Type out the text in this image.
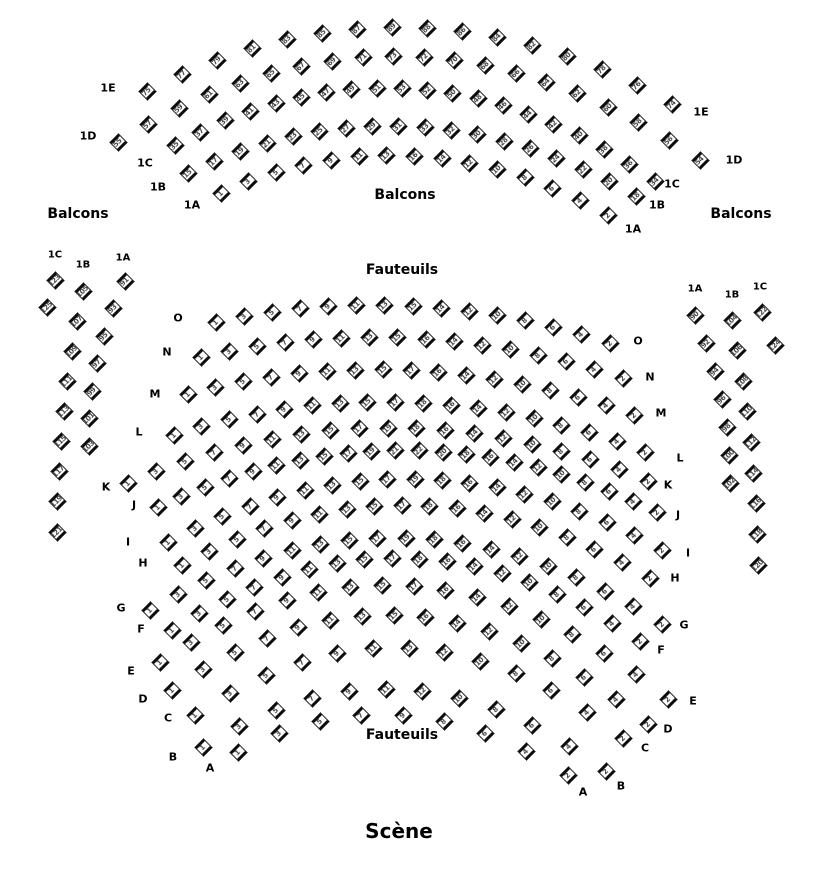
Balcons
Balcons
Balcons
Fauteuils
Fauteuils
Scène
75
77
79
81
83
85	87	89	88	86	84
82
80
78
76
74
1E
1E
55
57
59
61
63
65
67	69	71	73	72	70	68
66
64
62
60
58
56
54
1D
1D
35
37
39
41
43
45	47	49	51	53	52	50	48
46
44
42
40
38
36
34
1C
1C
15
17
19
21
23	25	27	29	31	33	32	30
28
26
24
22
20
18
1B
1B
1
3
5
7
9	11	13	16	14	12
10
8
6
4
2
1A
1A
1
3	5	7	9	11	13	15	14	12	10	8
6
4
2
O
O
1
3
5	7	9	11	13	15	16	14	12	10	8
6
4
2
N
N
1
3
5
7	9	11	13	15	17	16	14	12	10
8
6
4
2
M
M
1
3
5
7
9	11	13	15	17	18	16	14	12	10
8
6
4
2
L
L
1
3
5
7
9
11	13	15	17	19	18	16	14	12	10
8
6
4
2
K	K
1
3
5
7
9
11	13	15	17	19	21	22	20	18	16	14	12
10
8
6
4
2
J
J
1
3
5
7
9
11	13	15	17	19	18	16	14
12
10
8
6
4
2
I
I
1
3
5
7
9
11	13	15	17	18	16	14
12
10
8
6
4
2
H
H
1
3
5
7
9
11
13	15	17	19	18	16	14
12
10
8
6
4
2
G
G
1
3
5
7
9
11	13	15	17	18	16	14
12
10
8
6
4
2
F
F
1
3
5
7
9
11	13	15	17	16
14
12
10
8
6
4
2
E
E
1
3
5
7
9
11	13	15	16	14
12
10
8
6
4
2
D
D
1
3
5
7
9	11	13	12
10
8
6
4
2
C
C
1
3
5
7
9	11	12
10
8
6
4
2
B
B
1
3
5
7	9
8
6
4
2
A
A
123
125
1C
105
107
109
111
113
115
117
119
121
1B
91
93
95
97
99
101
103
1A
90
92
94
96
98
100
102
1A
104
106
108
110
112
114
116
118
120
1B
122
124
1C
